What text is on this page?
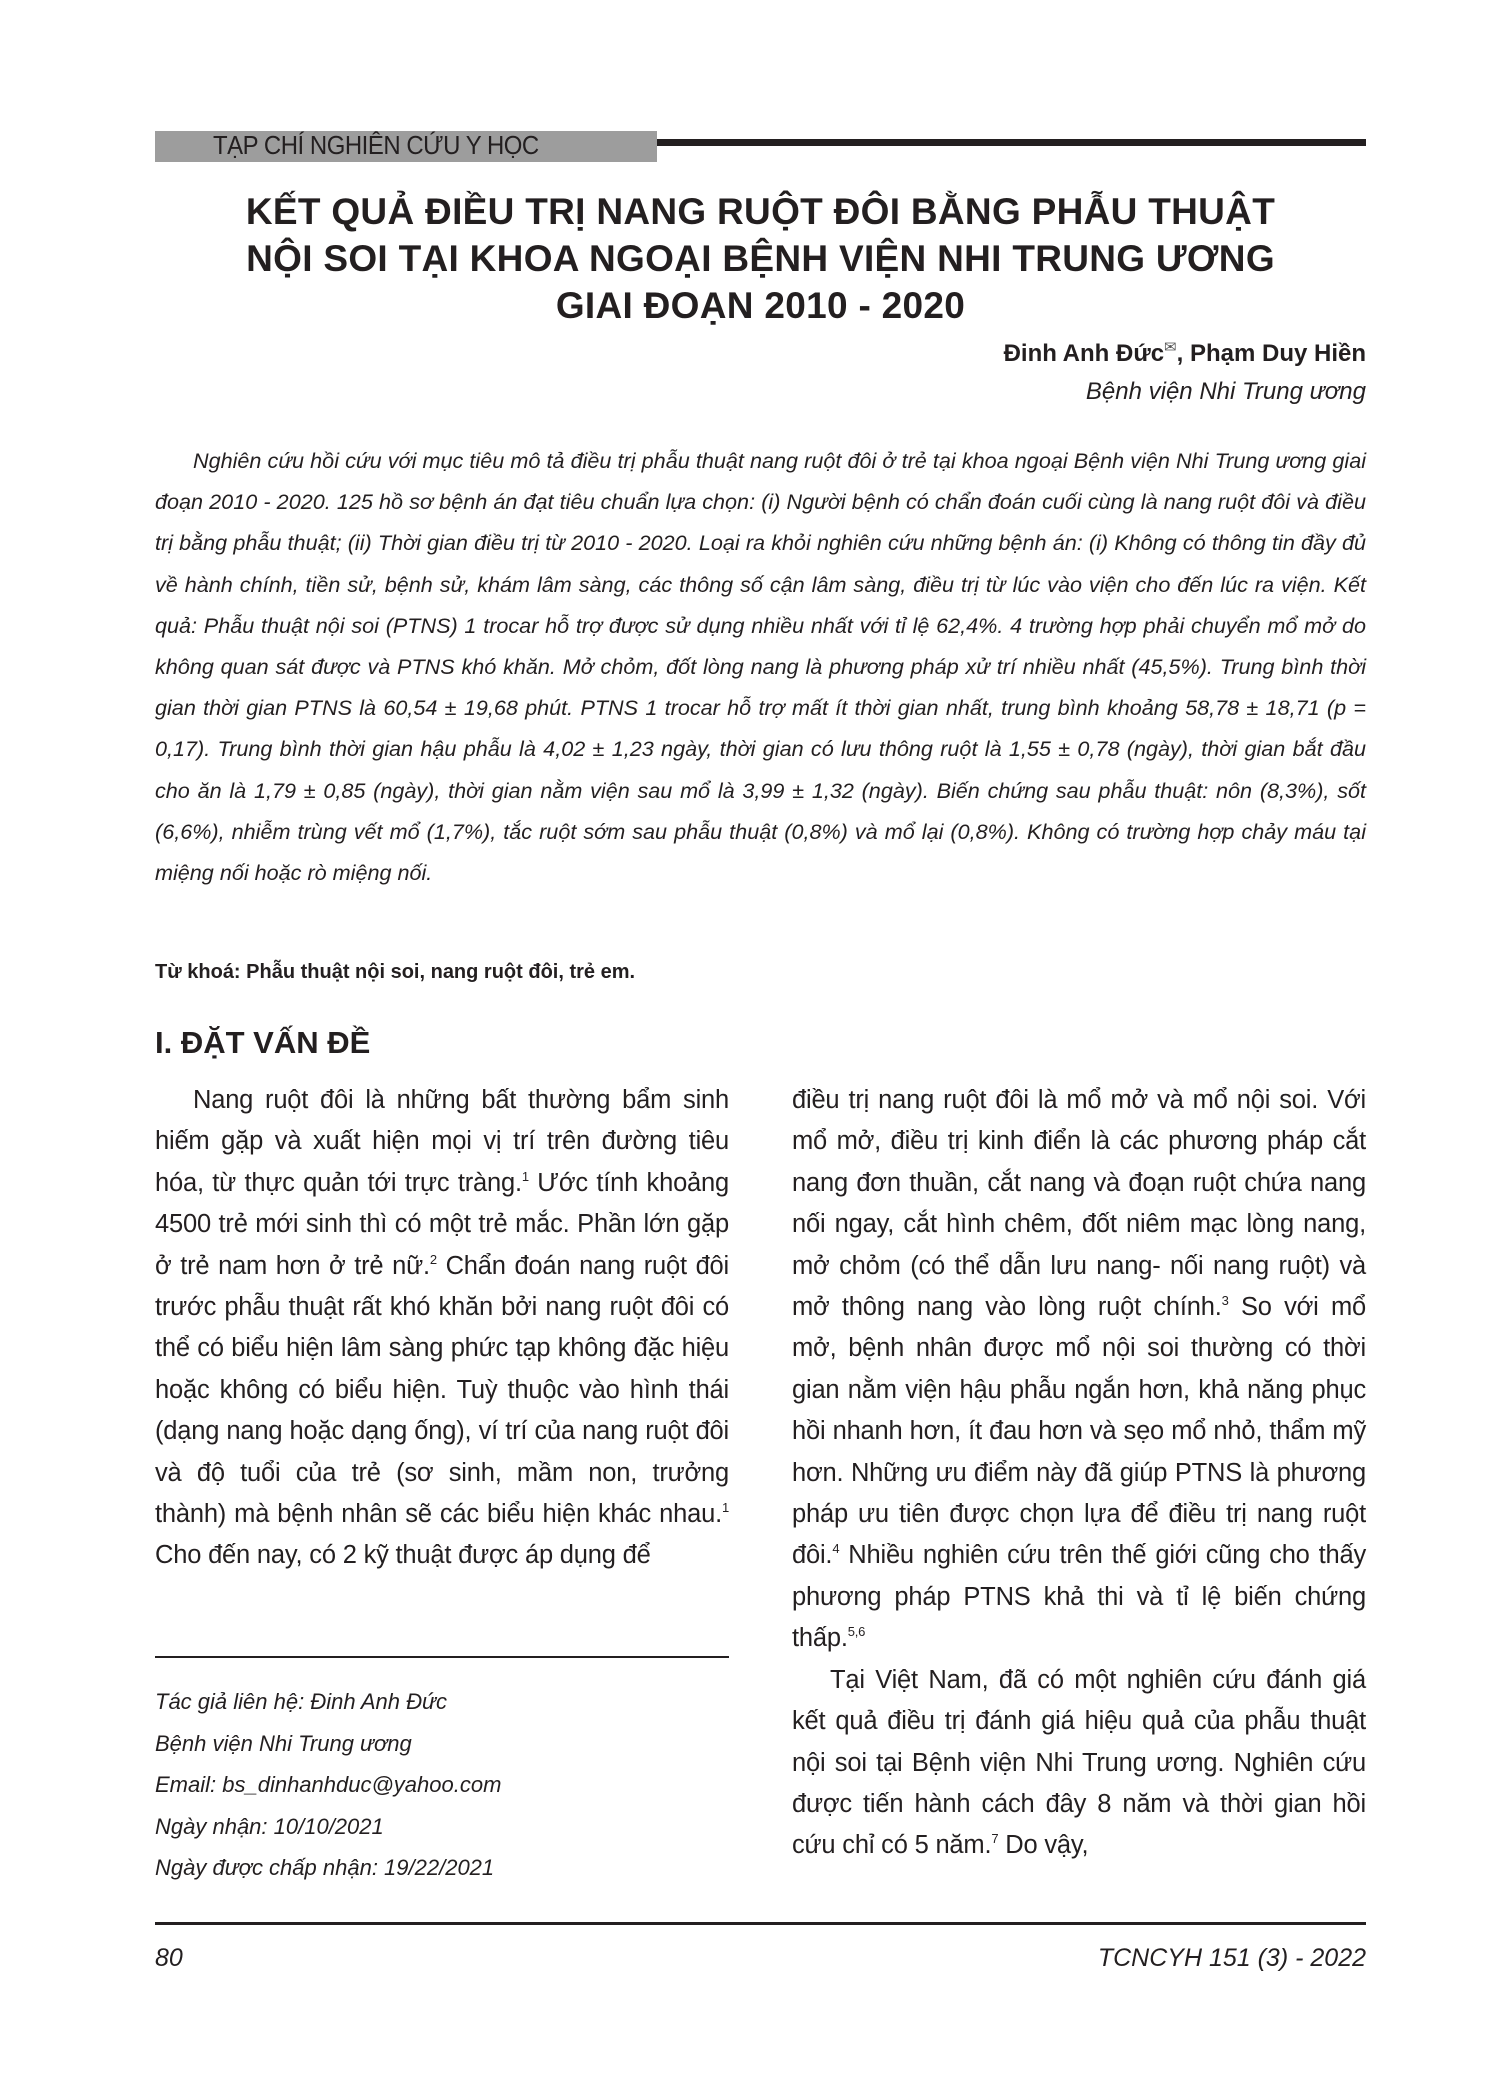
TẠP CHÍ NGHIÊN CỨU Y HỌC
KẾT QUẢ ĐIỀU TRỊ NANG RUỘT ĐÔI BẰNG PHẪU THUẬT
NỘI SOI TẠI KHOA NGOẠI BỆNH VIỆN NHI TRUNG ƯƠNG
GIAI ĐOẠN 2010 - 2020
Đinh Anh Đức✉, Phạm Duy Hiền
Bệnh viện Nhi Trung ương
Nghiên cứu hồi cứu với mục tiêu mô tả điều trị phẫu thuật nang ruột đôi ở trẻ tại khoa ngoại Bệnh viện Nhi Trung ương giai đoạn 2010 - 2020. 125 hồ sơ bệnh án đạt tiêu chuẩn lựa chọn: (i) Người bệnh có chẩn đoán cuối cùng là nang ruột đôi và điều trị bằng phẫu thuật; (ii) Thời gian điều trị từ 2010 - 2020. Loại ra khỏi nghiên cứu những bệnh án: (i) Không có thông tin đầy đủ về hành chính, tiền sử, bệnh sử, khám lâm sàng, các thông số cận lâm sàng, điều trị từ lúc vào viện cho đến lúc ra viện. Kết quả: Phẫu thuật nội soi (PTNS) 1 trocar hỗ trợ được sử dụng nhiều nhất với tỉ lệ 62,4%. 4 trường hợp phải chuyển mổ mở do không quan sát được và PTNS khó khăn. Mở chỏm, đốt lòng nang là phương pháp xử trí nhiều nhất (45,5%). Trung bình thời gian thời gian PTNS là 60,54 ± 19,68 phút. PTNS 1 trocar hỗ trợ mất ít thời gian nhất, trung bình khoảng 58,78 ± 18,71 (p = 0,17). Trung bình thời gian hậu phẫu là 4,02 ± 1,23 ngày, thời gian có lưu thông ruột là 1,55 ± 0,78 (ngày), thời gian bắt đầu cho ăn là 1,79 ± 0,85 (ngày), thời gian nằm viện sau mổ là 3,99 ± 1,32 (ngày). Biến chứng sau phẫu thuật: nôn (8,3%), sốt (6,6%), nhiễm trùng vết mổ (1,7%), tắc ruột sớm sau phẫu thuật (0,8%) và mổ lại (0,8%). Không có trường hợp chảy máu tại miệng nối hoặc rò miệng nối.
Từ khoá: Phẫu thuật nội soi, nang ruột đôi, trẻ em.
I. ĐẶT VẤN ĐỀ

Nang ruột đôi là những bất thường bẩm sinh hiếm gặp và xuất hiện mọi vị trí trên đường tiêu hóa, từ thực quản tới trực tràng.$^1$ Ước tính khoảng 4500 trẻ mới sinh thì có một trẻ mắc. Phần lớn gặp ở trẻ nam hơn ở trẻ nữ.$^2$ Chẩn đoán nang ruột đôi trước phẫu thuật rất khó khăn bởi nang ruột đôi có thể có biểu hiện lâm sàng phức tạp không đặc hiệu hoặc không có biểu hiện. Tuỳ thuộc vào hình thái (dạng nang hoặc dạng ống), ví trí của nang ruột đôi và độ tuổi của trẻ (sơ sinh, mầm non, trưởng thành) mà bệnh nhân sẽ các biểu hiện khác nhau.$^1$ Cho đến nay, có 2 kỹ thuật được áp dụng để

điều trị nang ruột đôi là mổ mở và mổ nội soi. Với mổ mở, điều trị kinh điển là các phương pháp cắt nang đơn thuần, cắt nang và đoạn ruột chứa nang nối ngay, cắt hình chêm, đốt niêm mạc lòng nang, mở chỏm (có thể dẫn lưu nang- nối nang ruột) và mở thông nang vào lòng ruột chính.$^3$ So với mổ mở, bệnh nhân được mổ nội soi thường có thời gian nằm viện hậu phẫu ngắn hơn, khả năng phục hồi nhanh hơn, ít đau hơn và sẹo mổ nhỏ, thẩm mỹ hơn. Những ưu điểm này đã giúp PTNS là phương pháp ưu tiên được chọn lựa để điều trị nang ruột đôi.$^4$ Nhiều nghiên cứu trên thế giới cũng cho thấy phương pháp PTNS khả thi và tỉ lệ biến chứng thấp.$^{5,6}$

Tại Việt Nam, đã có một nghiên cứu đánh giá kết quả điều trị đánh giá hiệu quả của phẫu thuật nội soi tại Bệnh viện Nhi Trung ương. Nghiên cứu được tiến hành cách đây 8 năm và thời gian hồi cứu chỉ có 5 năm.$^7$ Do vậy,

Tác giả liên hệ: Đinh Anh Đức
Bệnh viện Nhi Trung ương
Email: bs_dinhanhduc@yahoo.com
Ngày nhận: 10/10/2021
Ngày được chấp nhận: 19/22/2021
80	TCNCYH 151 (3) - 2022
